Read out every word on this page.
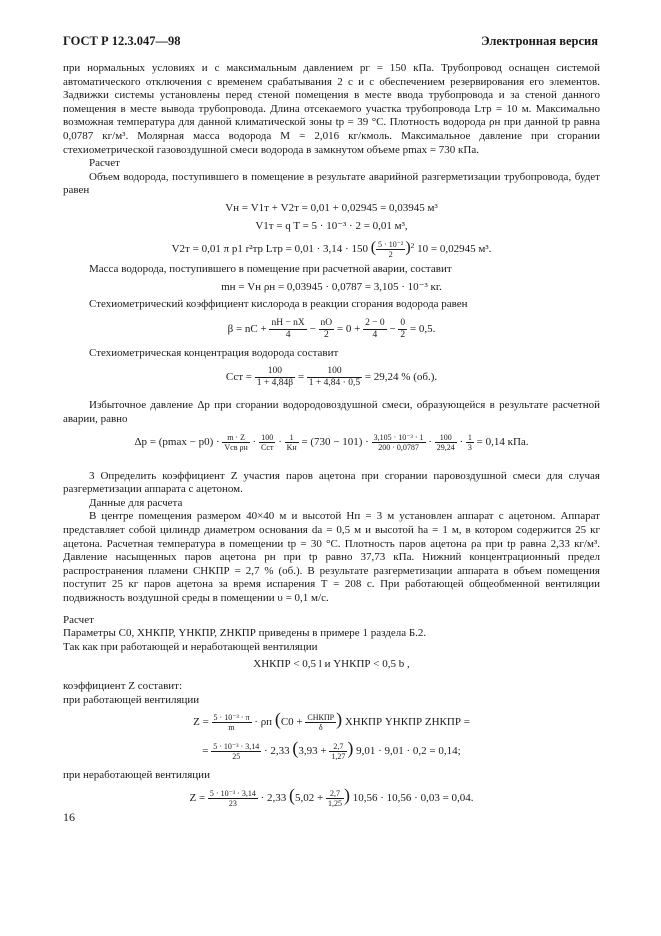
ГОСТ Р 12.3.047—98	Электронная версия

при нормальных условиях и с максимальным давлением pг = 150 кПа. Трубопровод оснащен системой автоматического отключения с временем срабатывания 2 с и с обеспечением резервирования его элементов. Задвижки системы установлены перед стеной помещения в месте ввода трубопровода и за стеной данного помещения в месте вывода трубопровода. Длина отсекаемого участка трубопровода Lтр = 10 м. Максимально возможная температура для данной климатической зоны tр = 39 °С. Плотность водорода ρн при данной tр равна 0,0787 кг/м³. Молярная масса водорода М = 2,016 кг/кмоль. Максимальное давление при сгорании стехиометрической газовоздушной смеси водорода в замкнутом объеме pmax = 730 кПа.

Расчет

Объем водорода, поступившего в помещение в результате аварийной разгерметизации трубопровода, будет равен

Vн = V1т + V2т = 0,01 + 0,02945 = 0,03945 м³
V1т = q T = 5 · 10⁻³ · 2 = 0,01 м³,
V2т = 0,01 π p1 r²тр Lтр = 0,01 · 3,14 · 150 ( $\frac{\text{5 · 10⁻²}}{2} )^2$ 10 = 0,02945 м³.

Масса водорода, поступившего в помещение при расчетной аварии, составит

mн = Vн ρн = 0,03945 · 0,0787 = 3,105 · 10⁻³ кг.

Стехиометрический коэффициент кислорода в реакции сгорания водорода равен

β = nC + $\frac{nH - nX}{4} - \frac{nO}{2} = 0 + \frac{2 - 0}{4} - \frac{0}{2} = 0,5$.

Стехиометрическая концентрация водорода составит

Сст = $\frac{100}{1 + 4,84\beta} = \frac{100}{1 + 4,84 \cdot 0,5} = 29,24$ % (об.).

Избыточное давление Δp при сгорании водородовоздушной смеси, образующейся в результате расчетной аварии, равно

Δp = (pmax − p0) · m · Z
Vсв ρн · 100
Сст · 1
Kн = $(730 - 101) \cdot \frac{\text{3,105 · 10⁻³ · 1}}{200 \cdot 0,0787} \cdot \frac{100}{29,24} \cdot \frac{1}{3} = 0,14$ кПа.

3 Определить коэффициент Z участия паров ацетона при сгорании паровоздушной смеси для случая разгерметизации аппарата с ацетоном.

Данные для расчета

В центре помещения размером 40×40 м и высотой Hп = 3 м установлен аппарат с ацетоном. Аппарат представляет собой цилиндр диаметром основания dа = 0,5 м и высотой hа = 1 м, в котором содержится 25 кг ацетона. Расчетная температура в помещении tр = 30 °С. Плотность паров ацетона ρа при tр равна 2,33 кг/м³. Давление насыщенных паров ацетона pн при tр равно 37,73 кПа. Нижний концентрационный предел распространения пламени СНКПР = 2,7 % (об.). В результате разгерметизации аппарата в объем помещения поступит 25 кг паров ацетона за время испарения Т = 208 с. При работающей общеобменной вентиляции подвижность воздушной среды в помещении υ = 0,1 м/с.

Расчет

Параметры С0, XНКПР, YНКПР, ZНКПР приведены в примере 1 раздела Б.2.

Так как при работающей и неработающей вентиляции

XНКПР < 0,5 l и YНКПР < 0,5 b ,

коэффициент Z составит:

при работающей вентиляции

$Z = \frac{\text{5 · 10⁻³ · π}}{m} \cdot \rho п$ (С0 + СНКПР
δ ) XНКПР YНКПР ZНКПР =
= $\frac{\text{5 · 10⁻³ · 3,14}}{25} \cdot 2,33$ ($3,93 + \frac{2,7}{1,27}$ ) 9,01 · 9,01 · 0,2 = 0,14;

при неработающей вентиляции

$Z = \frac{\text{5 · 10⁻³ · 3,14}}{23} \cdot 2,33$ ($5,02 + \frac{2,7}{1,25}$ ) 10,56 · 10,56 · 0,03 = 0,04.
16
